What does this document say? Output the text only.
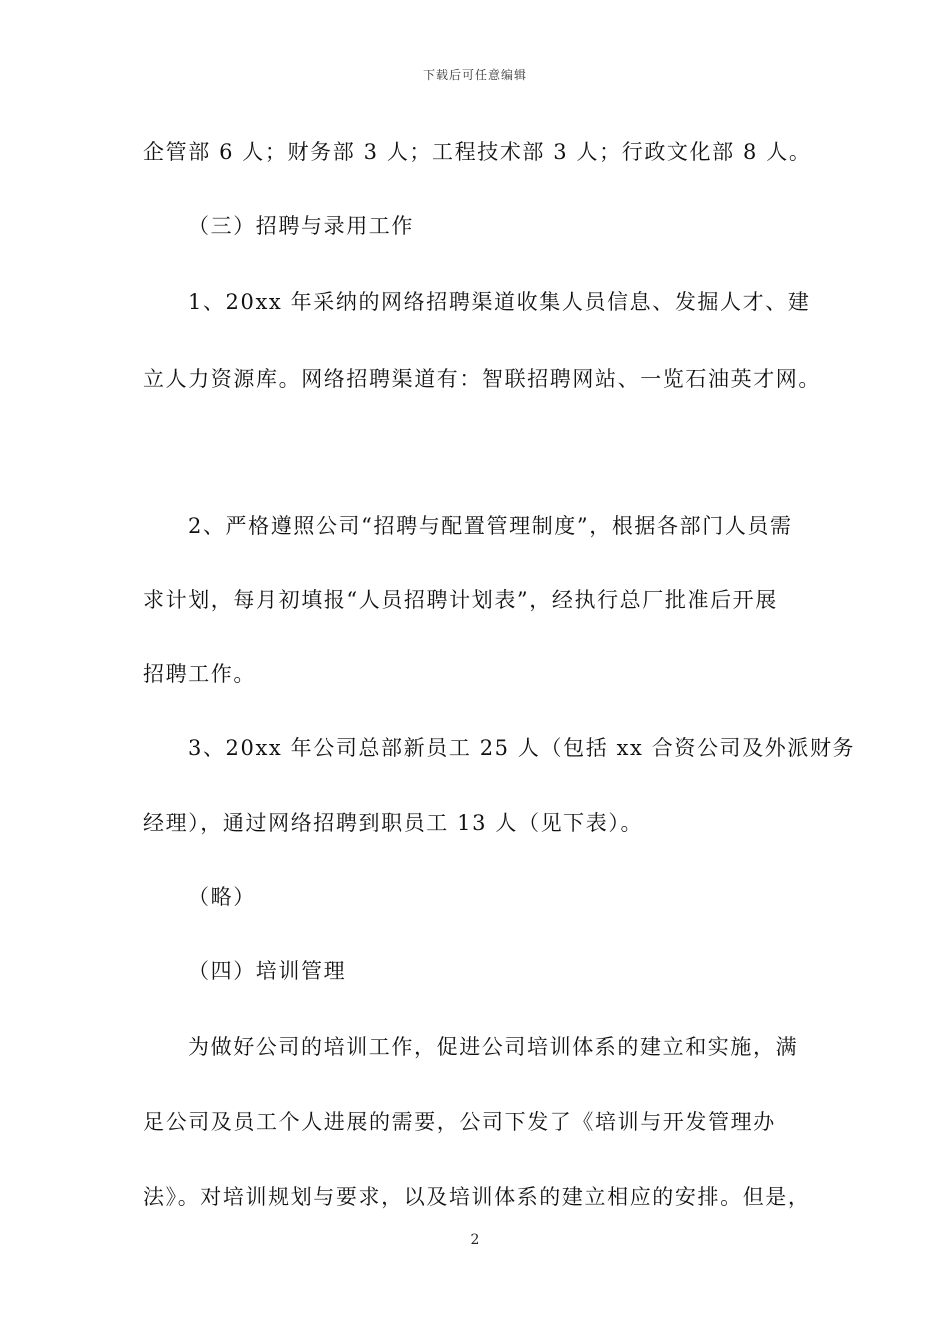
下载后可任意编辑
企管部 6 人；财务部 3 人；工程技术部 3 人；行政文化部 8 人。
（三）招聘与录用工作
1、20xx 年采纳的网络招聘渠道收集人员信息、发掘人才、建
立人力资源库。网络招聘渠道有：智联招聘网站、一览石油英才网。
2、严格遵照公司“招聘与配置管理制度”，根据各部门人员需
求计划，每月初填报“人员招聘计划表”，经执行总厂批准后开展
招聘工作。
3、20xx 年公司总部新员工 25 人（包括 xx 合资公司及外派财务
经理），通过网络招聘到职员工 13 人（见下表）。
（略）
（四）培训管理
为做好公司的培训工作，促进公司培训体系的建立和实施，满
足公司及员工个人进展的需要，公司下发了《培训与开发管理办
法》。对培训规划与要求，以及培训体系的建立相应的安排。但是，
2
